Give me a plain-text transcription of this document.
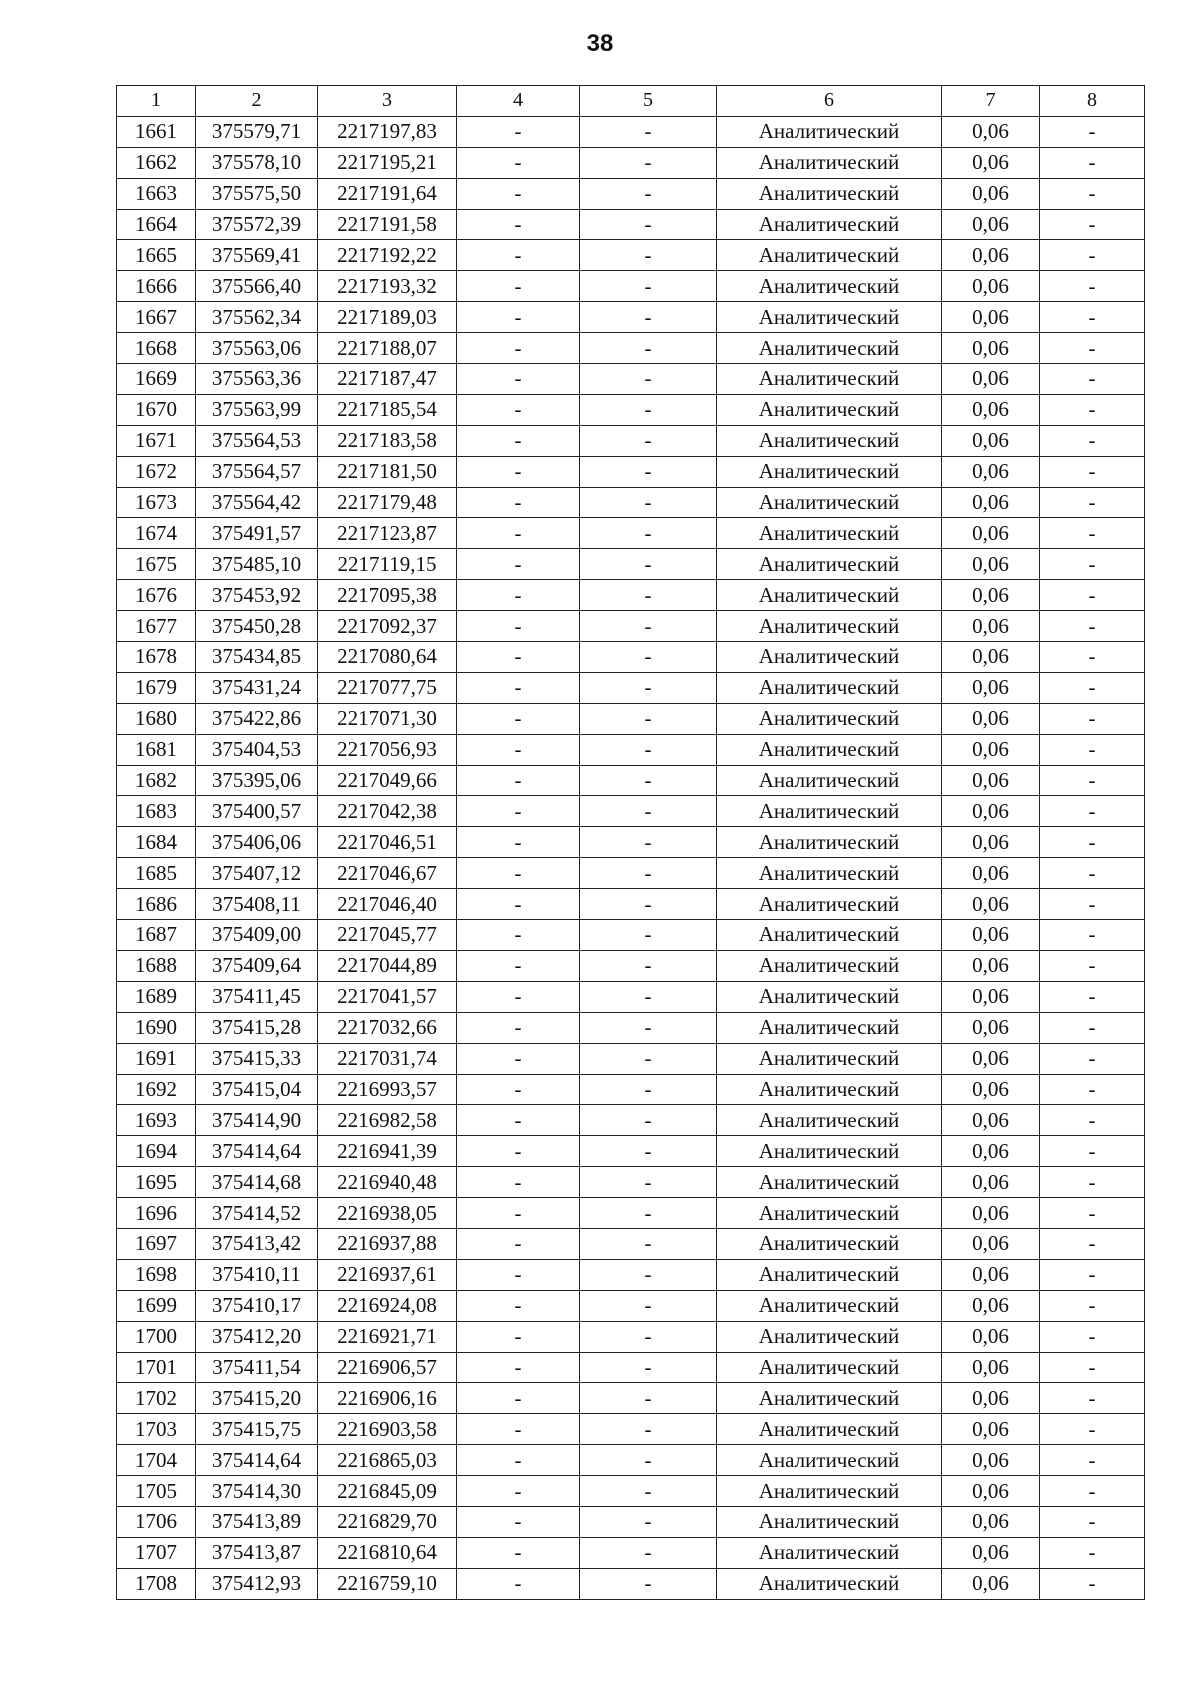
38
1	2	3	4	5	6	7	8
1661	375579,71	2217197,83	-	-	Аналитический	0,06	-
1662	375578,10	2217195,21	-	-	Аналитический	0,06	-
1663	375575,50	2217191,64	-	-	Аналитический	0,06	-
1664	375572,39	2217191,58	-	-	Аналитический	0,06	-
1665	375569,41	2217192,22	-	-	Аналитический	0,06	-
1666	375566,40	2217193,32	-	-	Аналитический	0,06	-
1667	375562,34	2217189,03	-	-	Аналитический	0,06	-
1668	375563,06	2217188,07	-	-	Аналитический	0,06	-
1669	375563,36	2217187,47	-	-	Аналитический	0,06	-
1670	375563,99	2217185,54	-	-	Аналитический	0,06	-
1671	375564,53	2217183,58	-	-	Аналитический	0,06	-
1672	375564,57	2217181,50	-	-	Аналитический	0,06	-
1673	375564,42	2217179,48	-	-	Аналитический	0,06	-
1674	375491,57	2217123,87	-	-	Аналитический	0,06	-
1675	375485,10	2217119,15	-	-	Аналитический	0,06	-
1676	375453,92	2217095,38	-	-	Аналитический	0,06	-
1677	375450,28	2217092,37	-	-	Аналитический	0,06	-
1678	375434,85	2217080,64	-	-	Аналитический	0,06	-
1679	375431,24	2217077,75	-	-	Аналитический	0,06	-
1680	375422,86	2217071,30	-	-	Аналитический	0,06	-
1681	375404,53	2217056,93	-	-	Аналитический	0,06	-
1682	375395,06	2217049,66	-	-	Аналитический	0,06	-
1683	375400,57	2217042,38	-	-	Аналитический	0,06	-
1684	375406,06	2217046,51	-	-	Аналитический	0,06	-
1685	375407,12	2217046,67	-	-	Аналитический	0,06	-
1686	375408,11	2217046,40	-	-	Аналитический	0,06	-
1687	375409,00	2217045,77	-	-	Аналитический	0,06	-
1688	375409,64	2217044,89	-	-	Аналитический	0,06	-
1689	375411,45	2217041,57	-	-	Аналитический	0,06	-
1690	375415,28	2217032,66	-	-	Аналитический	0,06	-
1691	375415,33	2217031,74	-	-	Аналитический	0,06	-
1692	375415,04	2216993,57	-	-	Аналитический	0,06	-
1693	375414,90	2216982,58	-	-	Аналитический	0,06	-
1694	375414,64	2216941,39	-	-	Аналитический	0,06	-
1695	375414,68	2216940,48	-	-	Аналитический	0,06	-
1696	375414,52	2216938,05	-	-	Аналитический	0,06	-
1697	375413,42	2216937,88	-	-	Аналитический	0,06	-
1698	375410,11	2216937,61	-	-	Аналитический	0,06	-
1699	375410,17	2216924,08	-	-	Аналитический	0,06	-
1700	375412,20	2216921,71	-	-	Аналитический	0,06	-
1701	375411,54	2216906,57	-	-	Аналитический	0,06	-
1702	375415,20	2216906,16	-	-	Аналитический	0,06	-
1703	375415,75	2216903,58	-	-	Аналитический	0,06	-
1704	375414,64	2216865,03	-	-	Аналитический	0,06	-
1705	375414,30	2216845,09	-	-	Аналитический	0,06	-
1706	375413,89	2216829,70	-	-	Аналитический	0,06	-
1707	375413,87	2216810,64	-	-	Аналитический	0,06	-
1708	375412,93	2216759,10	-	-	Аналитический	0,06	-
